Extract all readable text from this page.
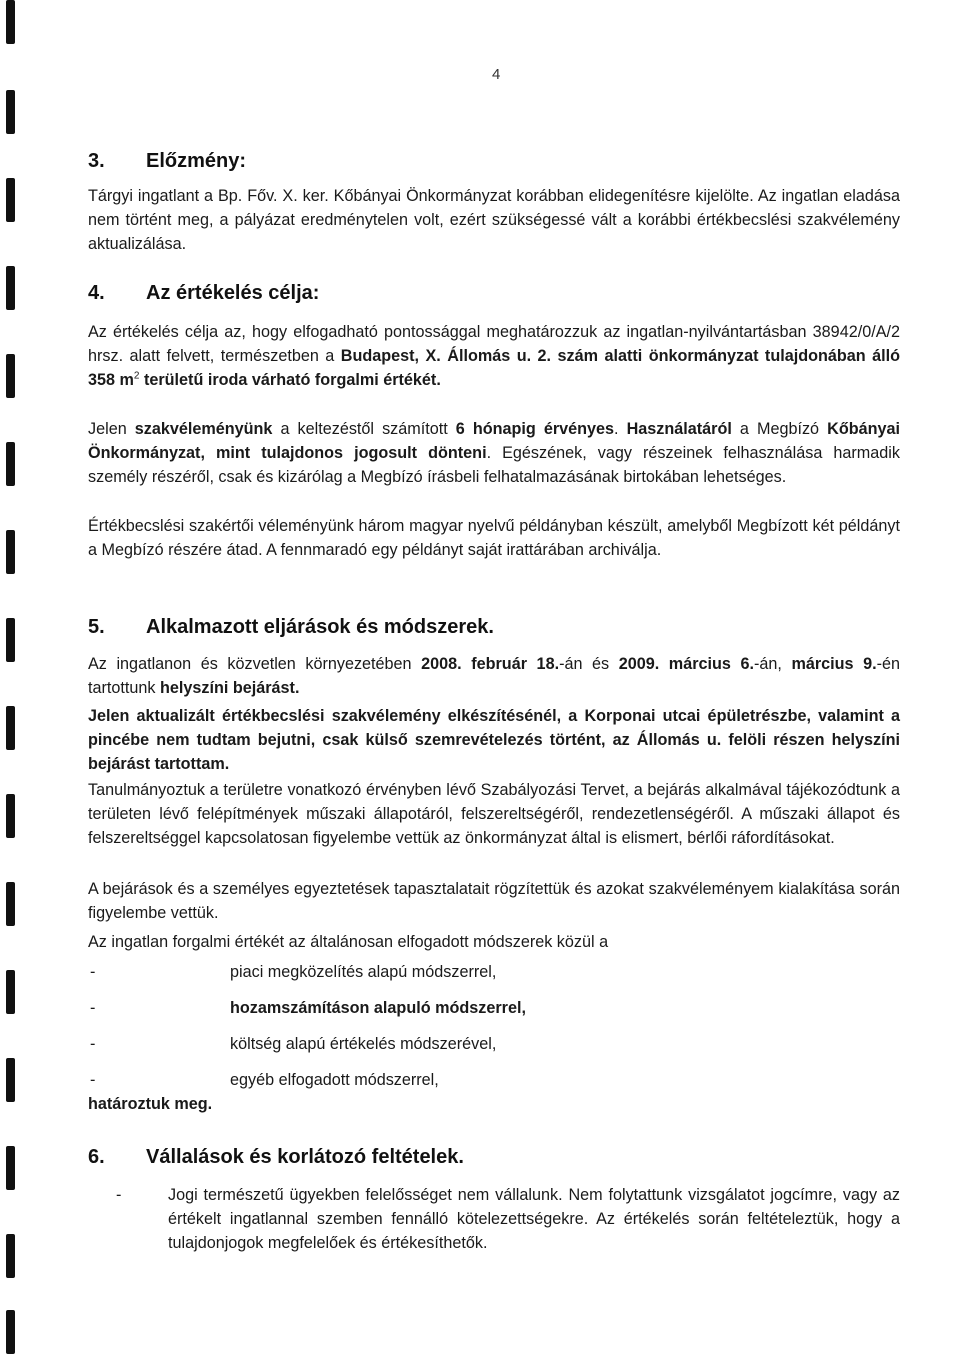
4
3. Előzmény:

Tárgyi ingatlant a Bp. Főv. X. ker. Kőbányai Önkormányzat korábban elidegenítésre kijelölte. Az ingatlan eladása nem történt meg, a pályázat eredménytelen volt, ezért szükségessé vált a korábbi értékbecslési szakvélemény aktualizálása.

4. Az értékelés célja:

Az értékelés célja az, hogy elfogadható pontossággal meghatározzuk az ingatlan-nyilvántartásban 38942/0/A/2 hrsz. alatt felvett, természetben a Budapest, X. Állomás u. 2. szám alatti önkormányzat tulajdonában álló 358 $m^2$ területű iroda várható forgalmi értékét.

Jelen szakvéleményünk a keltezéstől számított 6 hónapig érvényes. Használatáról a Megbízó Kőbányai Önkormányzat, mint tulajdonos jogosult dönteni. Egészének, vagy részeinek felhasználása harmadik személy részéről, csak és kizárólag a Megbízó írásbeli felhatalmazásának birtokában lehetséges.

Értékbecslési szakértői véleményünk három magyar nyelvű példányban készült, amelyből Megbízott két példányt a Megbízó részére átad. A fennmaradó egy példányt saját irattárában archiválja.

5. Alkalmazott eljárások és módszerek.

Az ingatlanon és közvetlen környezetében 2008. február 18.-án és 2009. március 6.-án, március 9.-én tartottunk helyszíni bejárást.

Jelen aktualizált értékbecslési szakvélemény elkészítésénél, a Korponai utcai épületrészbe, valamint a pincébe nem tudtam bejutni, csak külső szemrevételezés történt, az Állomás u. felöli részen helyszíni bejárást tartottam.

Tanulmányoztuk a területre vonatkozó érvényben lévő Szabályozási Tervet, a bejárás alkalmával tájékozódtunk a területen lévő felépítmények műszaki állapotáról, felszereltségéről, rendezetlenségéről. A műszaki állapot és felszereltséggel kapcsolatosan figyelembe vettük az önkormányzat által is elismert, bérlői ráfordításokat.

A bejárások és a személyes egyeztetések tapasztalatait rögzítettük és azokat szakvéleményem kialakítása során figyelembe vettük.

Az ingatlan forgalmi értékét az általánosan elfogadott módszerek közül a

-	piaci megközelítés alapú módszerrel,
-	hozamszámításon alapuló módszerrel,
-	költség alapú értékelés módszerével,
-	egyéb elfogadott módszerrel,

határoztuk meg.

6. Vállalások és korlátozó feltételek.

-	Jogi természetű ügyekben felelősséget nem vállalunk. Nem folytattunk vizsgálatot jogcímre, vagy az értékelt ingatlannal szemben fennálló kötelezettségekre. Az értékelés során feltételeztük, hogy a tulajdonjogok megfelelőek és értékesíthetők.
